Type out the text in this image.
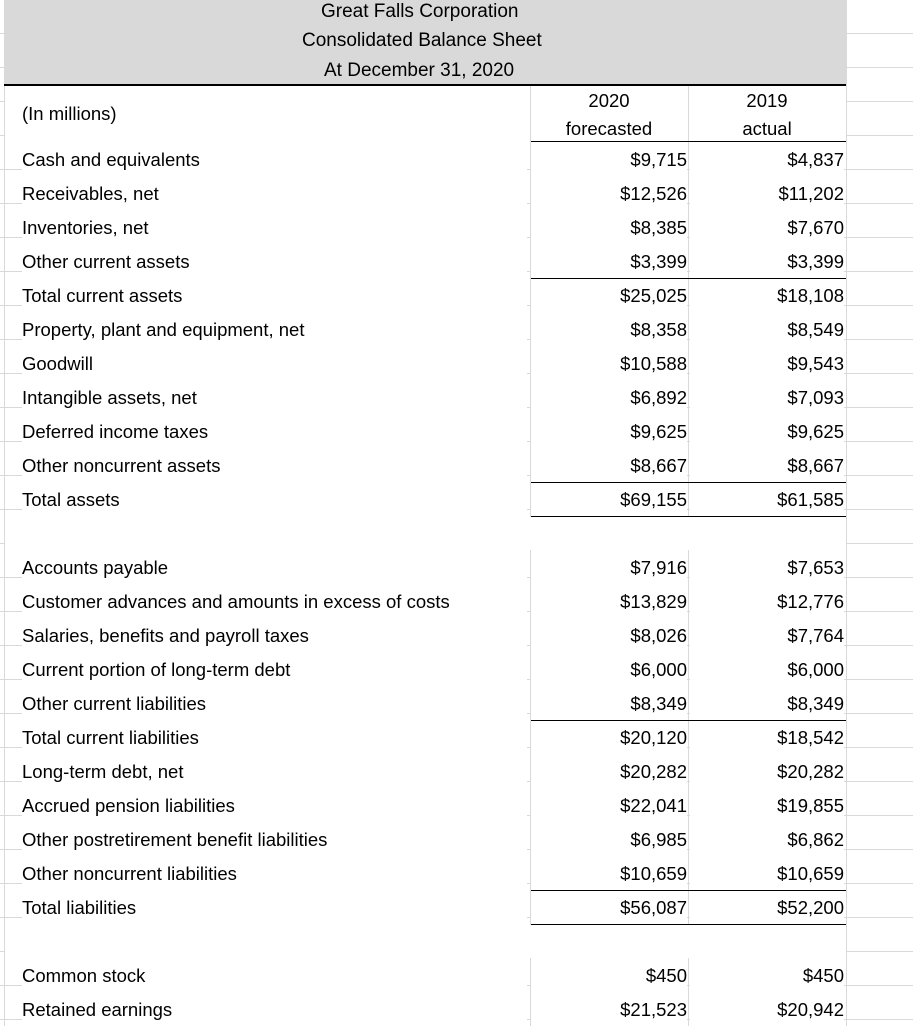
Great Falls Corporation
Consolidated Balance Sheet
At December 31, 2020
(In millions)
2020
forecasted
2019
actual
Cash and equivalents	$9,715	$4,837
Receivables, net	$12,526	$11,202
Inventories, net	$8,385	$7,670
Other current assets	$3,399	$3,399
Total current assets	$25,025	$18,108
Property, plant and equipment, net	$8,358	$8,549
Goodwill	$10,588	$9,543
Intangible assets, net	$6,892	$7,093
Deferred income taxes	$9,625	$9,625
Other noncurrent assets	$8,667	$8,667
Total assets	$69,155	$61,585
Accounts payable	$7,916	$7,653
Customer advances and amounts in excess of costs	$13,829	$12,776
Salaries, benefits and payroll taxes	$8,026	$7,764
Current portion of long-term debt	$6,000	$6,000
Other current liabilities	$8,349	$8,349
Total current liabilities	$20,120	$18,542
Long-term debt, net	$20,282	$20,282
Accrued pension liabilities	$22,041	$19,855
Other postretirement benefit liabilities	$6,985	$6,862
Other noncurrent liabilities	$10,659	$10,659
Total liabilities	$56,087	$52,200
Common stock	$450	$450
Retained earnings	$21,523	$20,942
